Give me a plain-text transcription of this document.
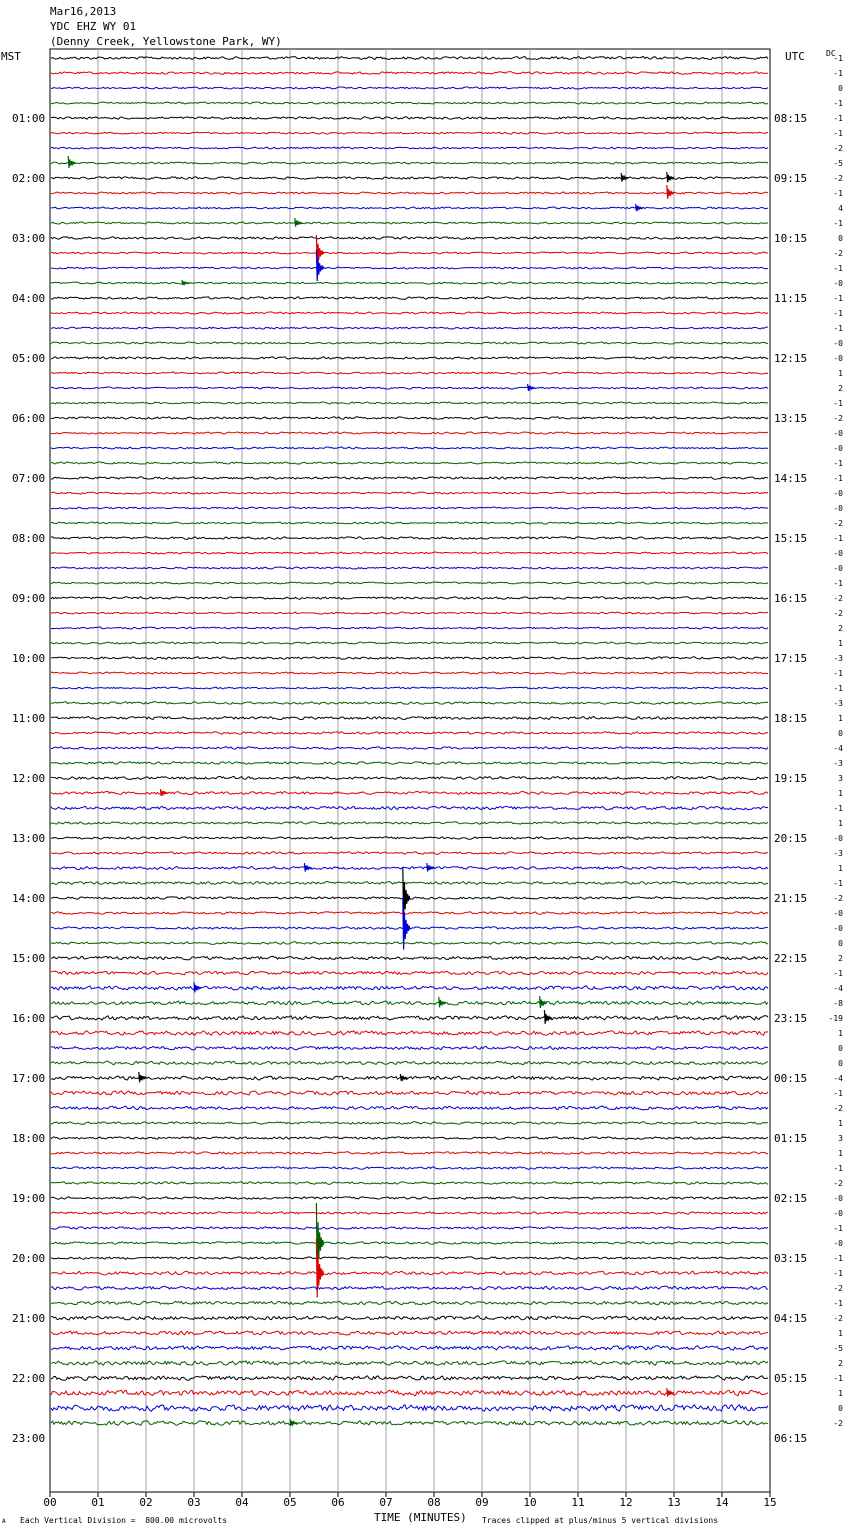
Mar16,2013
YDC EHZ WY 01
(Denny Creek, Yellowstone Park, WY)
MST	UTC	DC
TIME (MINUTES)
Each Vertical Division =  800.00 microvolts	Traces clipped at plus/minus 5 vertical divisions
A
00	01	02	03	04	05	06	07	08	09	10	11	12	13	14	15
-1
-1
0
-1
-1
-1
-2
-5
-2
-1
4
-1
0
-2
-1
-0
-1
-1
-1
-0
-0
1
2
-1
-2
-0
-0
-1
-1
-0
-0
-2
-1
-0
-0
-1
-2
-2
2
1
-3
-1
-1
-3
1
0
-4
-3
3
1
-1
1
-0
-3
1
-1
-2
-0
-0
0
2
-1
-4
-8
-19
1
0
0
-4
-1
-2
1
3
1
-1
-2
-0
-0
-1
-0
-1
-1
-2
-1
-2
1
-5
2
-1
1
0
-2
01:00
02:00
03:00
04:00
05:00
06:00
07:00
08:00
09:00
10:00
11:00
12:00
13:00
14:00
15:00
16:00
17:00
18:00
19:00
20:00
21:00
22:00
23:00
08:15
09:15
10:15
11:15
12:15
13:15
14:15
15:15
16:15
17:15
18:15
19:15
20:15
21:15
22:15
23:15
00:15
01:15
02:15
03:15
04:15
05:15
06:15
